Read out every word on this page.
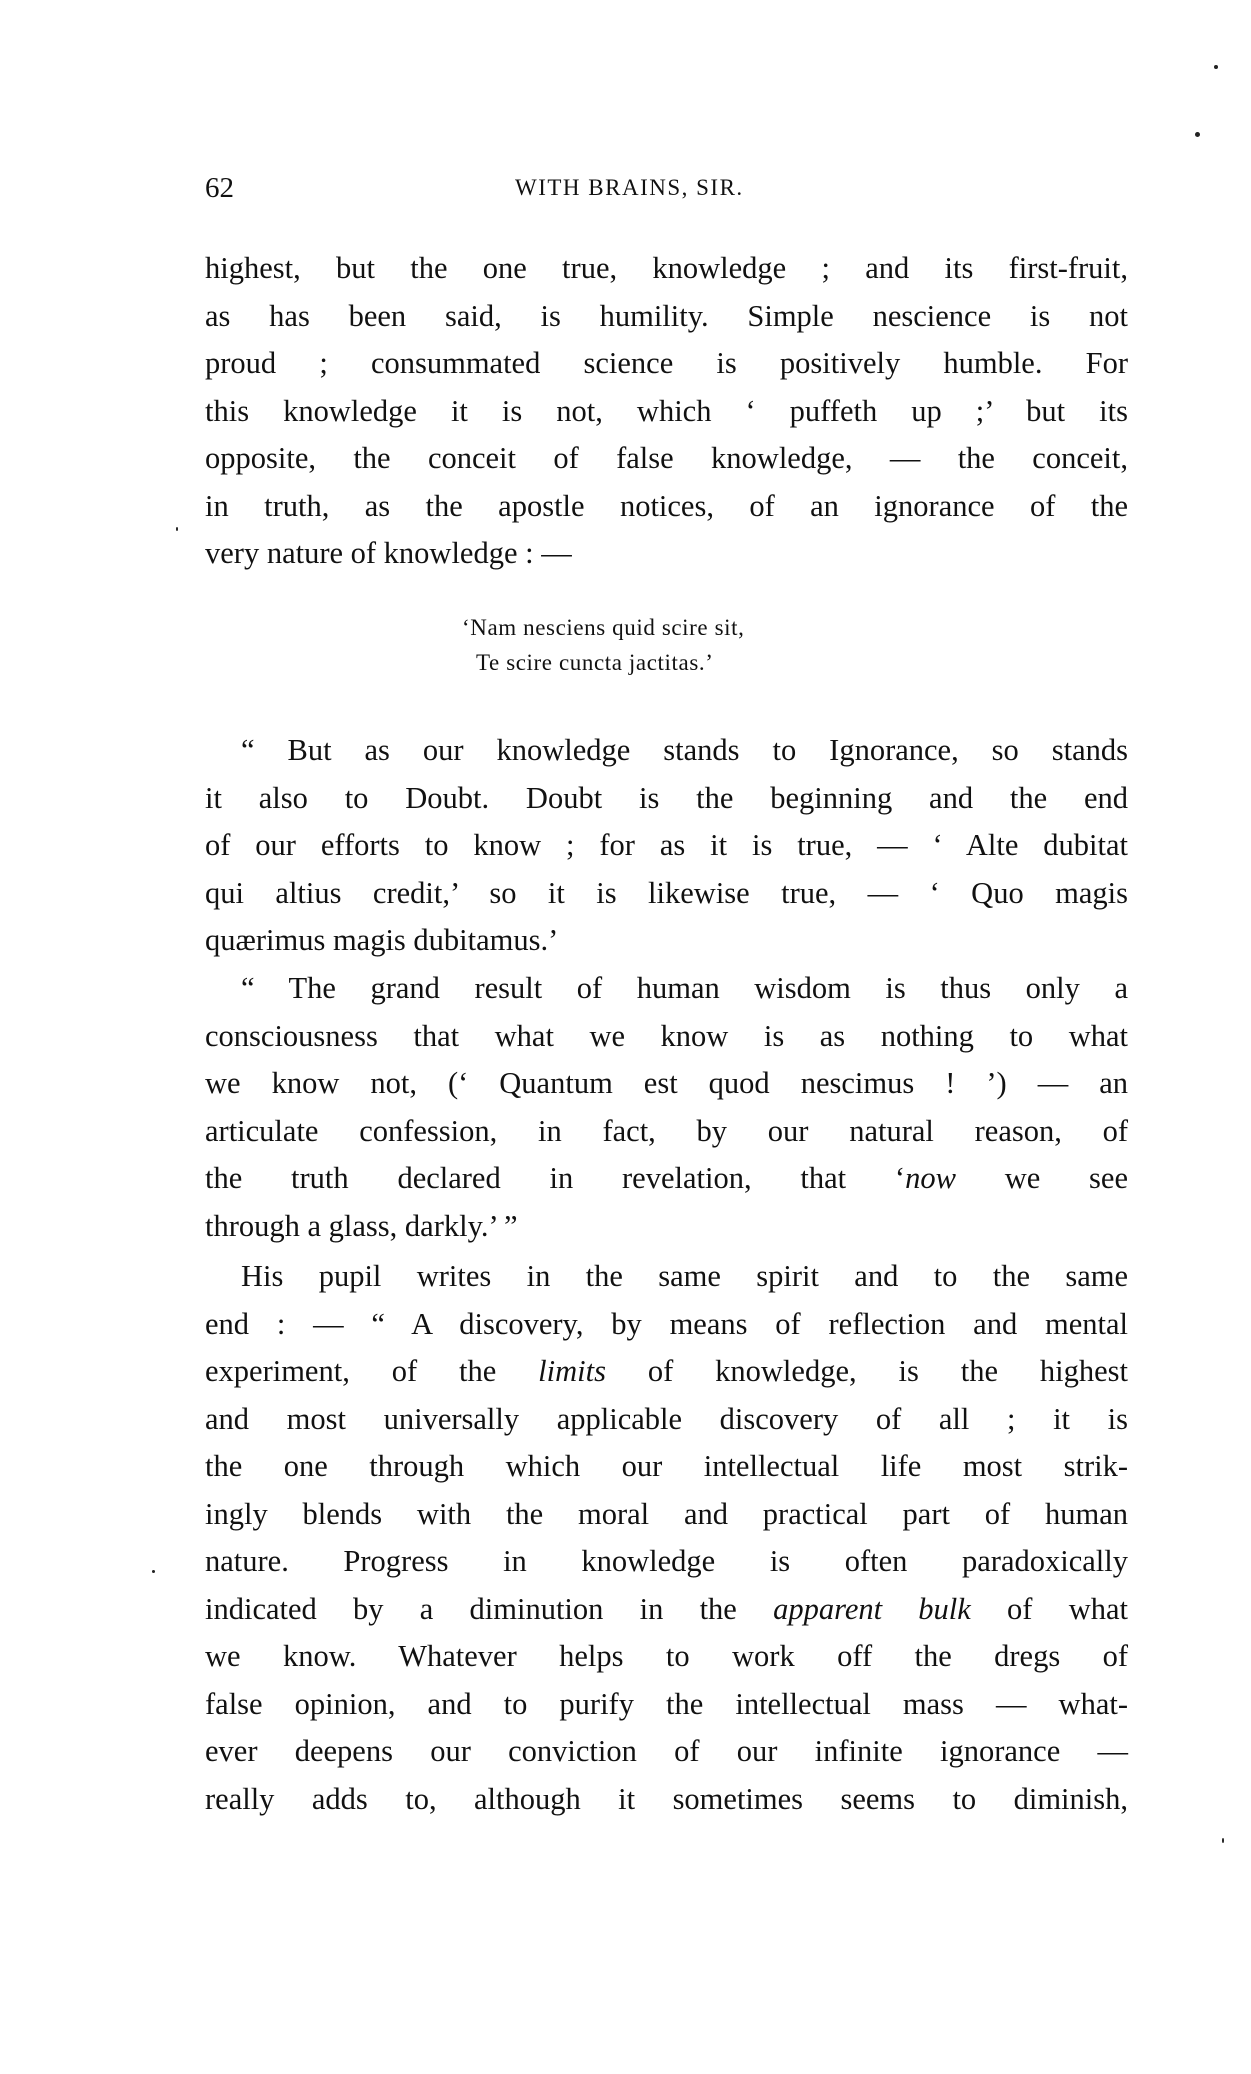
62	WITH BRAINS, SIR.
highest, but the one true, knowledge ; and its first-fruit,
as has been said, is humility. Simple nescience is not
proud ; consummated science is positively humble. For
this knowledge it is not, which ‘ puffeth up ;’ but its
opposite, the conceit of false knowledge, — the conceit,
in truth, as the apostle notices, of an ignorance of the
very nature of knowledge : —
‘Nam nesciens quid scire sit,
Te scire cuncta jactitas.’
“ But as our knowledge stands to Ignorance, so stands
it also to Doubt. Doubt is the beginning and the end
of our efforts to know ; for as it is true, — ‘ Alte dubitat
qui altius credit,’ so it is likewise true, — ‘ Quo magis
quærimus magis dubitamus.’
“ The grand result of human wisdom is thus only a
consciousness that what we know is as nothing to what
we know not, (‘ Quantum est quod nescimus ! ’) — an
articulate confession, in fact, by our natural reason, of
the truth declared in revelation, that ‘now we see
through a glass, darkly.’ ”
His pupil writes in the same spirit and to the same
end : — “ A discovery, by means of reflection and mental
experiment, of the limits of knowledge, is the highest
and most universally applicable discovery of all ; it is
the one through which our intellectual life most strik-
ingly blends with the moral and practical part of human
nature. Progress in knowledge is often paradoxically
indicated by a diminution in the apparent bulk of what
we know. Whatever helps to work off the dregs of
false opinion, and to purify the intellectual mass — what-
ever deepens our conviction of our infinite ignorance —
really adds to, although it sometimes seems to diminish,
